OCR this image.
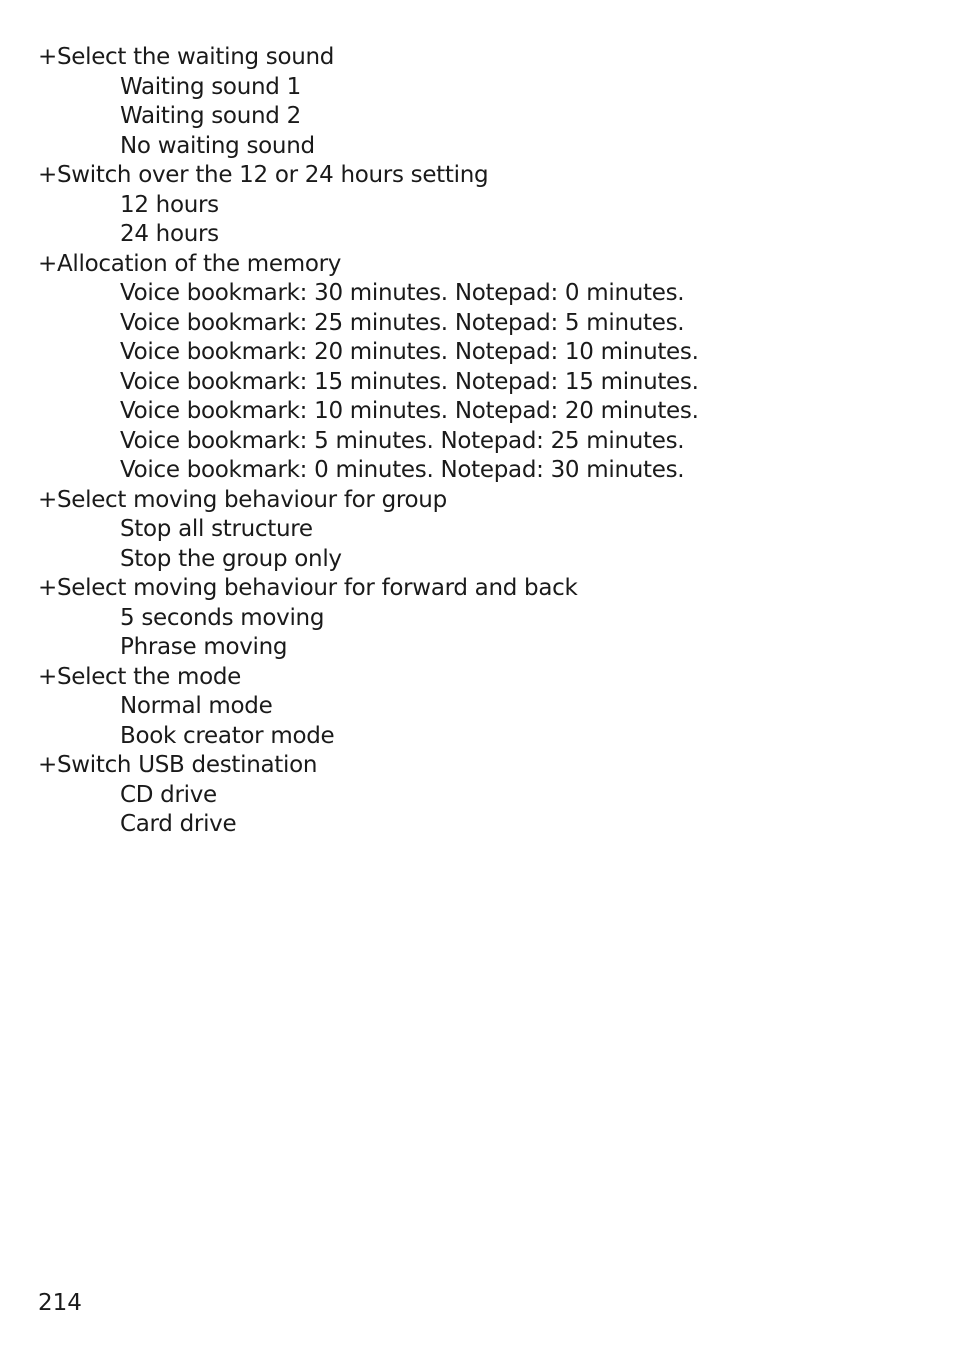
+Select the waiting sound
Waiting sound 1
Waiting sound 2
No waiting sound
+Switch over the 12 or 24 hours setting
12 hours
24 hours
+Allocation of the memory
Voice bookmark: 30 minutes. Notepad: 0 minutes.
Voice bookmark: 25 minutes. Notepad: 5 minutes.
Voice bookmark: 20 minutes. Notepad: 10 minutes.
Voice bookmark: 15 minutes. Notepad: 15 minutes.
Voice bookmark: 10 minutes. Notepad: 20 minutes.
Voice bookmark: 5 minutes. Notepad: 25 minutes.
Voice bookmark: 0 minutes. Notepad: 30 minutes.
+Select moving behaviour for group
Stop all structure
Stop the group only
+Select moving behaviour for forward and back
5 seconds moving
Phrase moving
+Select the mode
Normal mode
Book creator mode
+Switch USB destination
CD drive
Card drive
214
